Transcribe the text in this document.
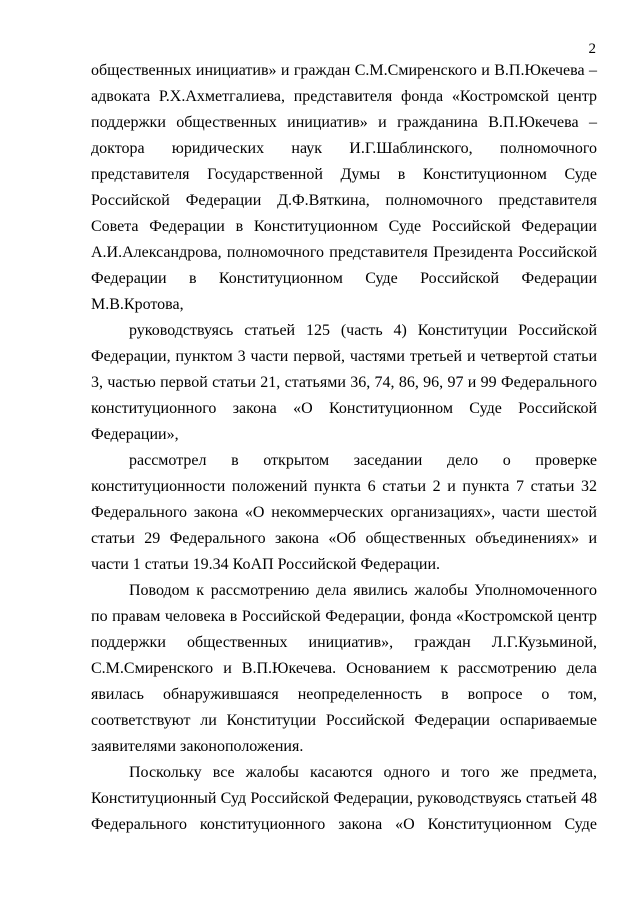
2

общественных инициатив» и граждан С.М.Смиренского и В.П.Юкечева – адвоката Р.Х.Ахметгалиева, представителя фонда «Костромской центр поддержки общественных инициатив» и гражданина В.П.Юкечева – доктора юридических наук И.Г.Шаблинского, полномочного представителя Государственной Думы в Конституционном Суде Российской Федерации Д.Ф.Вяткина, полномочного представителя Совета Федерации в Конституционном Суде Российской Федерации А.И.Александрова, полномочного представителя Президента Российской Федерации в Конституционном Суде Российской Федерации М.В.Кротова,

руководствуясь статьей 125 (часть 4) Конституции Российской Федерации, пунктом 3 части первой, частями третьей и четвертой статьи 3, частью первой статьи 21, статьями 36, 74, 86, 96, 97 и 99 Федерального конституционного закона «О Конституционном Суде Российской Федерации»,

рассмотрел в открытом заседании дело о проверке конституционности положений пункта 6 статьи 2 и пункта 7 статьи 32 Федерального закона «О некоммерческих организациях», части шестой статьи 29 Федерального закона «Об общественных объединениях» и части 1 статьи 19.34 КоАП Российской Федерации.

Поводом к рассмотрению дела явились жалобы Уполномоченного по правам человека в Российской Федерации, фонда «Костромской центр поддержки общественных инициатив», граждан Л.Г.Кузьминой, С.М.Смиренского и В.П.Юкечева. Основанием к рассмотрению дела явилась обнаружившаяся неопределенность в вопросе о том, соответствуют ли Конституции Российской Федерации оспариваемые заявителями законоположения.

Поскольку все жалобы касаются одного и того же предмета, Конституционный Суд Российской Федерации, руководствуясь статьей 48 Федерального конституционного закона «О Конституционном Суде
